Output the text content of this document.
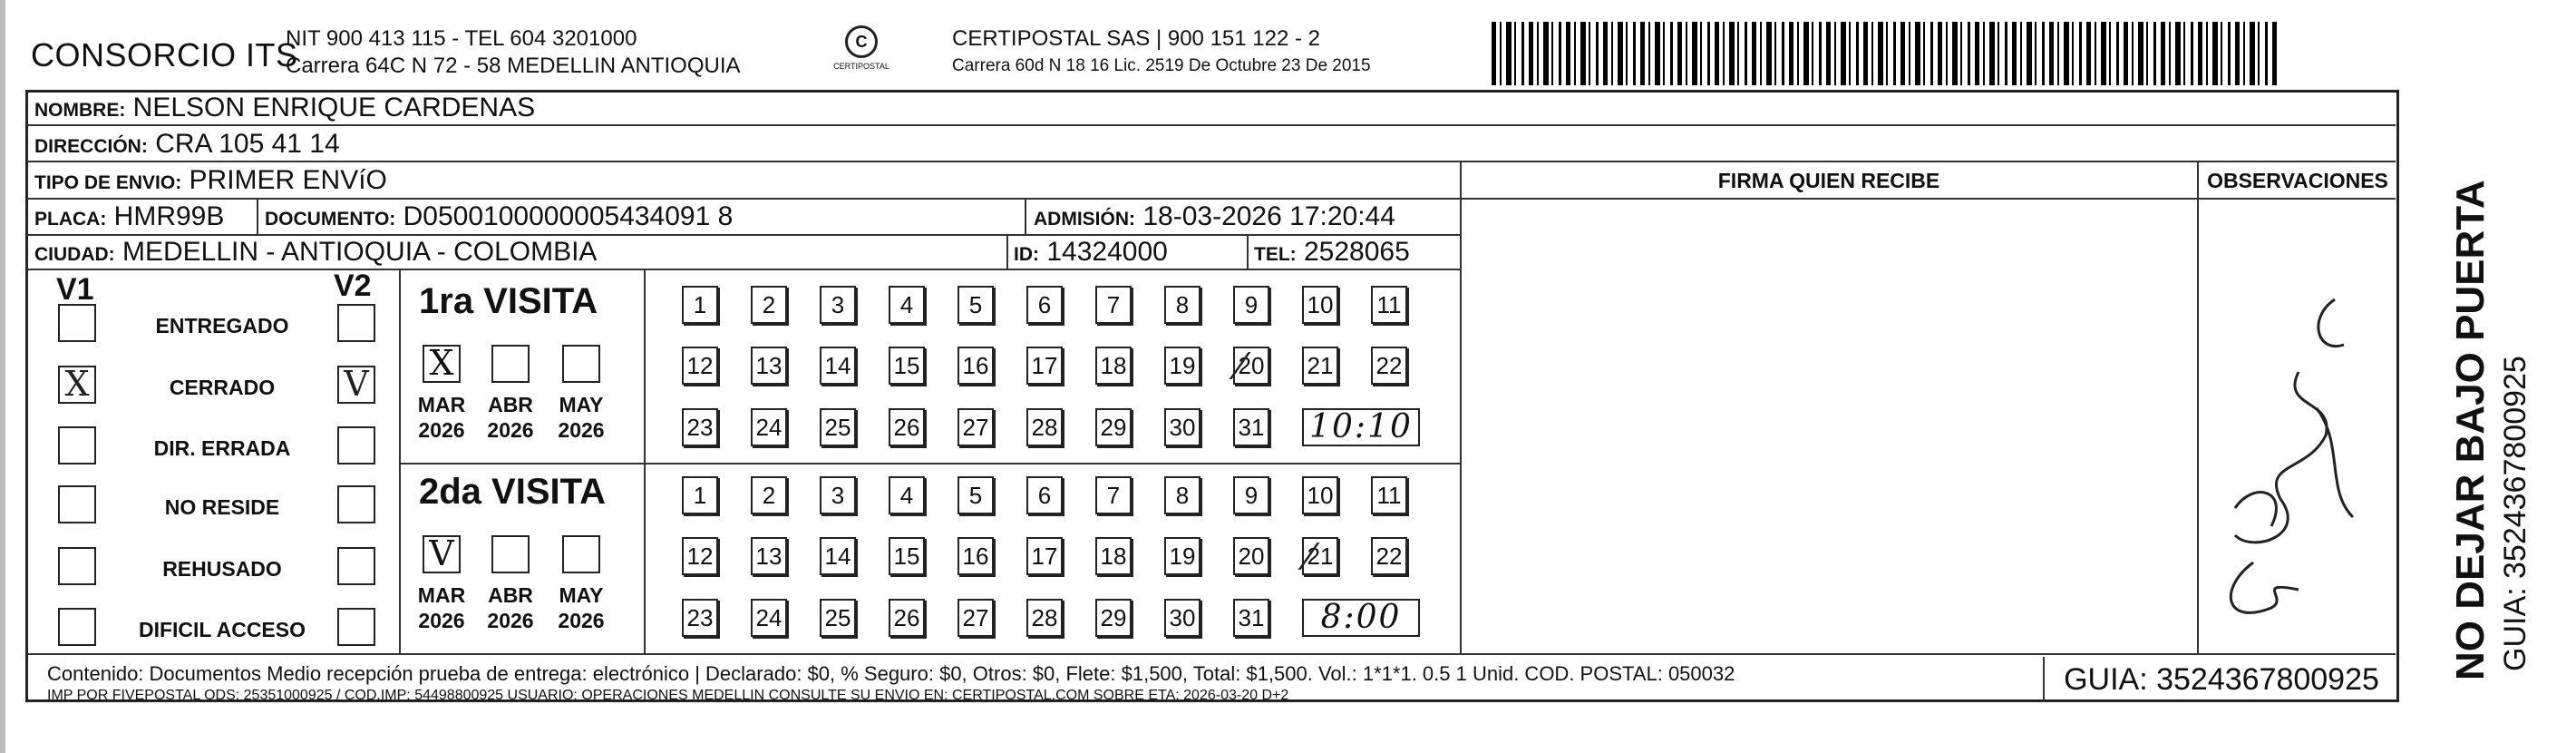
CONSORCIO ITS
NIT 900 413 115 - TEL 604 3201000
Carrera 64C N 72 - 58 MEDELLIN ANTIOQUIA
C
CERTIPOSTAL
CERTIPOSTAL SAS | 900 151 122 - 2
Carrera 60d N 18 16 Lic. 2519 De Octubre 23 De 2015
NOMBRE: NELSON ENRIQUE CARDENAS
DIRECCIÓN: CRA 105 41 14
TIPO DE ENVIO: PRIMER ENVíO
PLACA: HMR99B DOCUMENTO: D0500100000005434091 8	ADMISIÓN: 18-03-2026 17:20:44
CIUDAD: MEDELLIN - ANTIOQUIA - COLOMBIA	ID: 14324000	TEL: 2528065
FIRMA QUIEN RECIBE	OBSERVACIONES
V1	V2
ENTREGADO
X	CERRADO	V
DIR. ERRADA
NO RESIDE
REHUSADO
DIFICIL ACCESO
1ra VISITA
X
MAR
2026
ABR
2026
MAY
2026
1	2	3	4	5	6	7	8	9	10 11
12 13 14 15 16 17 18 19 20 21 22
23 24 25 26 27 28 29 30 31 10:10
2da VISITA
V
MAR
2026
ABR
2026
MAY
2026
1	2	3	4	5	6	7	8	9	10 11
12 13 14 15 16 17 18 19 20 21 22
23 24 25 26 27 28 29 30 31	8:00
Contenido: Documentos Medio recepción prueba de entrega: electrónico | Declarado: $0, % Seguro: $0, Otros: $0, Flete: $1,500, Total: $1,500. Vol.: 1*1*1. 0.5 1 Unid. COD. POSTAL: 050032
IMP POR FIVEPOSTAL ODS: 25351000925 / COD.IMP: 54498800925 USUARIO: OPERACIONES MEDELLIN CONSULTE SU ENVIO EN: CERTIPOSTAL.COM SOBRE ETA: 2026-03-20 D+2	GUIA: 3524367800925	NO DEJAR BAJO PUERTA GUIA: 3524367800925
